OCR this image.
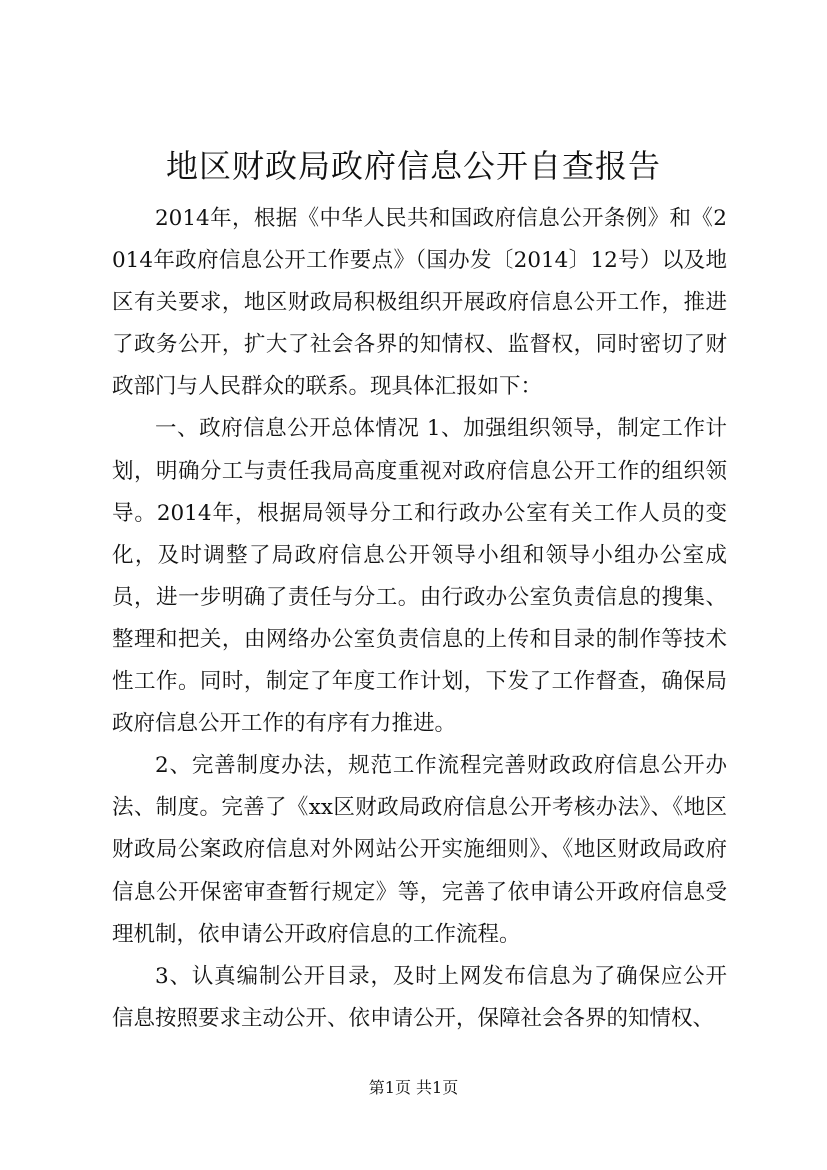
地区财政局政府信息公开自查报告

2014年，根据《中华人民共和国政府信息公开条例》和《2014年政府信息公开工作要点》（国办发〔2014〕12号）以及地区有关要求，地区财政局积极组织开展政府信息公开工作，推进了政务公开，扩大了社会各界的知情权、监督权，同时密切了财政部门与人民群众的联系。现具体汇报如下：

一、政府信息公开总体情况 1、加强组织领导，制定工作计划，明确分工与责任我局高度重视对政府信息公开工作的组织领导。2014年，根据局领导分工和行政办公室有关工作人员的变化，及时调整了局政府信息公开领导小组和领导小组办公室成员，进一步明确了责任与分工。由行政办公室负责信息的搜集、整理和把关，由网络办公室负责信息的上传和目录的制作等技术性工作。同时，制定了年度工作计划，下发了工作督查，确保局政府信息公开工作的有序有力推进。

2、完善制度办法，规范工作流程完善财政政府信息公开办法、制度。完善了《xx区财政局政府信息公开考核办法》、《地区财政局公案政府信息对外网站公开实施细则》、《地区财政局政府信息公开保密审查暂行规定》等，完善了依申请公开政府信息受理机制，依申请公开政府信息的工作流程。

3、认真编制公开目录，及时上网发布信息为了确保应公开信息按照要求主动公开、依申请公开，保障社会各界的知情权、

第1页 共1页
